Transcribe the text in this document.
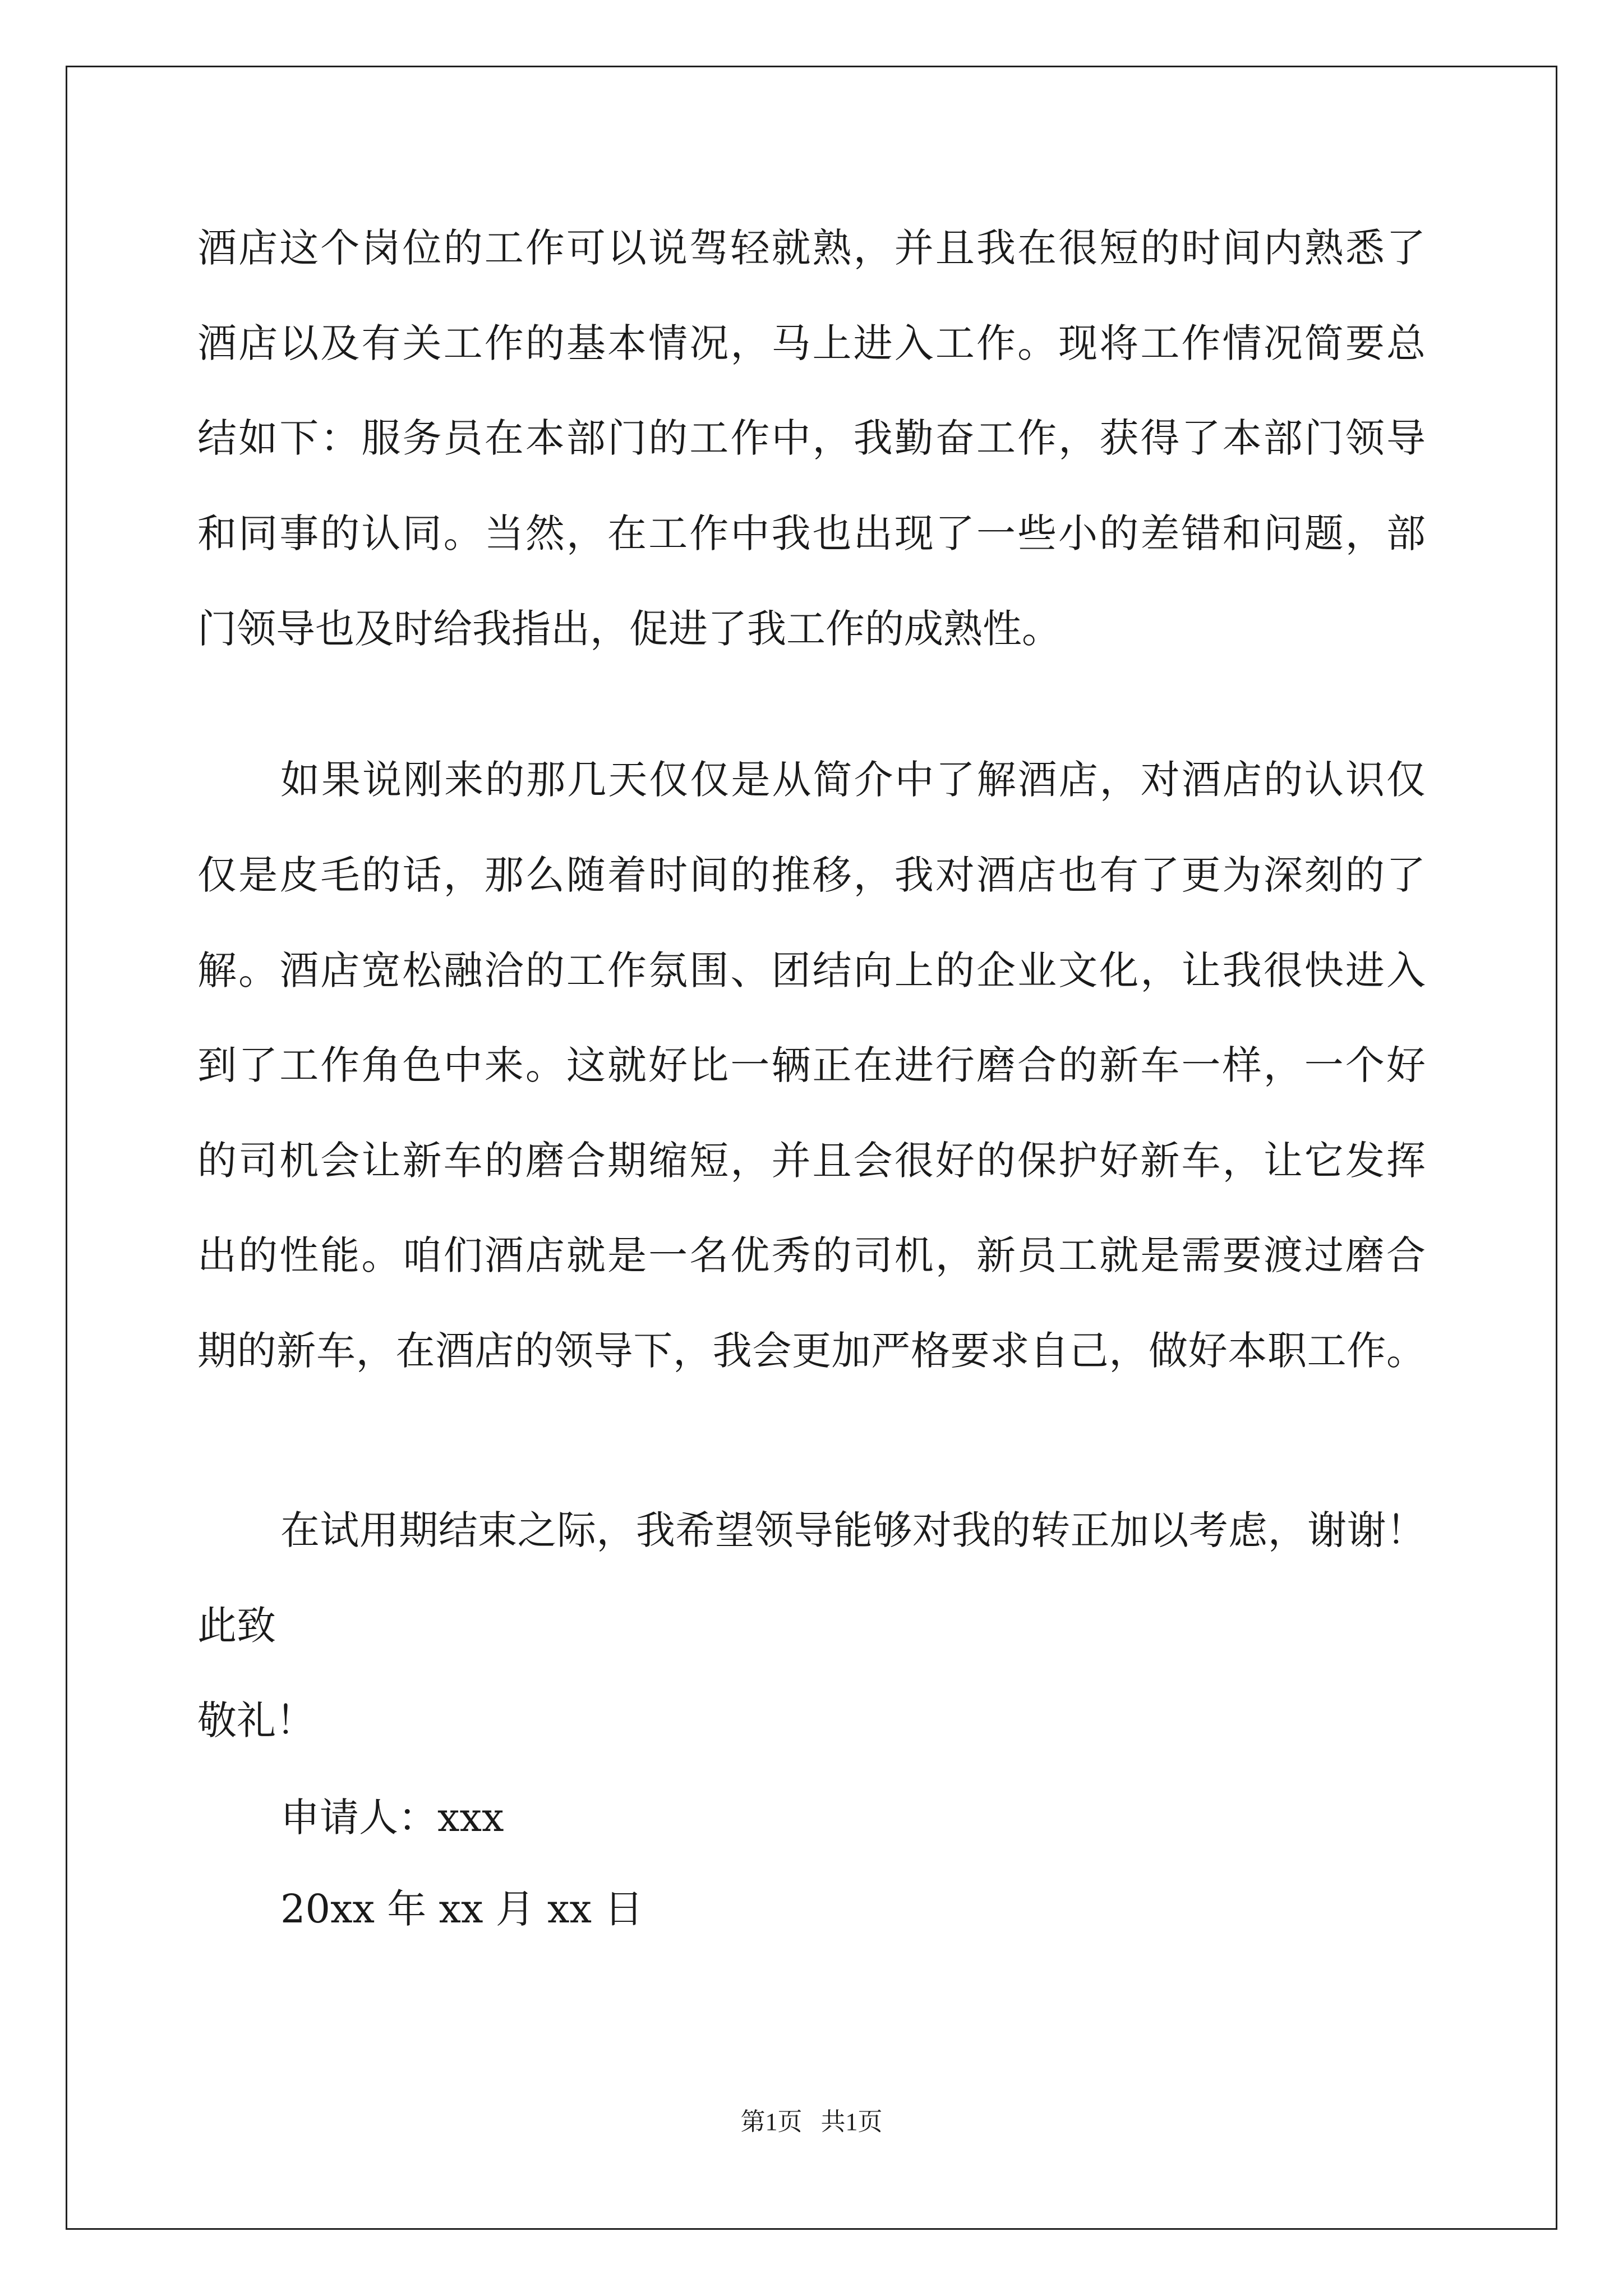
酒店这个岗位的工作可以说驾轻就熟，并且我在很短的时间内熟悉了

酒店以及有关工作的基本情况，马上进入工作。现将工作情况简要总

结如下：服务员在本部门的工作中，我勤奋工作，获得了本部门领导

和同事的认同。当然，在工作中我也出现了一些小的差错和问题，部

门领导也及时给我指出，促进了我工作的成熟性。

如果说刚来的那几天仅仅是从简介中了解酒店，对酒店的认识仅

仅是皮毛的话，那么随着时间的推移，我对酒店也有了更为深刻的了

解。酒店宽松融洽的工作氛围、团结向上的企业文化，让我很快进入

到了工作角色中来。这就好比一辆正在进行磨合的新车一样，一个好

的司机会让新车的磨合期缩短，并且会很好的保护好新车，让它发挥

出的性能。咱们酒店就是一名优秀的司机，新员工就是需要渡过磨合

期的新车，在酒店的领导下，我会更加严格要求自己，做好本职工作。

在试用期结束之际，我希望领导能够对我的转正加以考虑，谢谢！

此致

敬礼！

申请人：xxx

20xx 年 xx 月 xx 日

第1页   共1页
